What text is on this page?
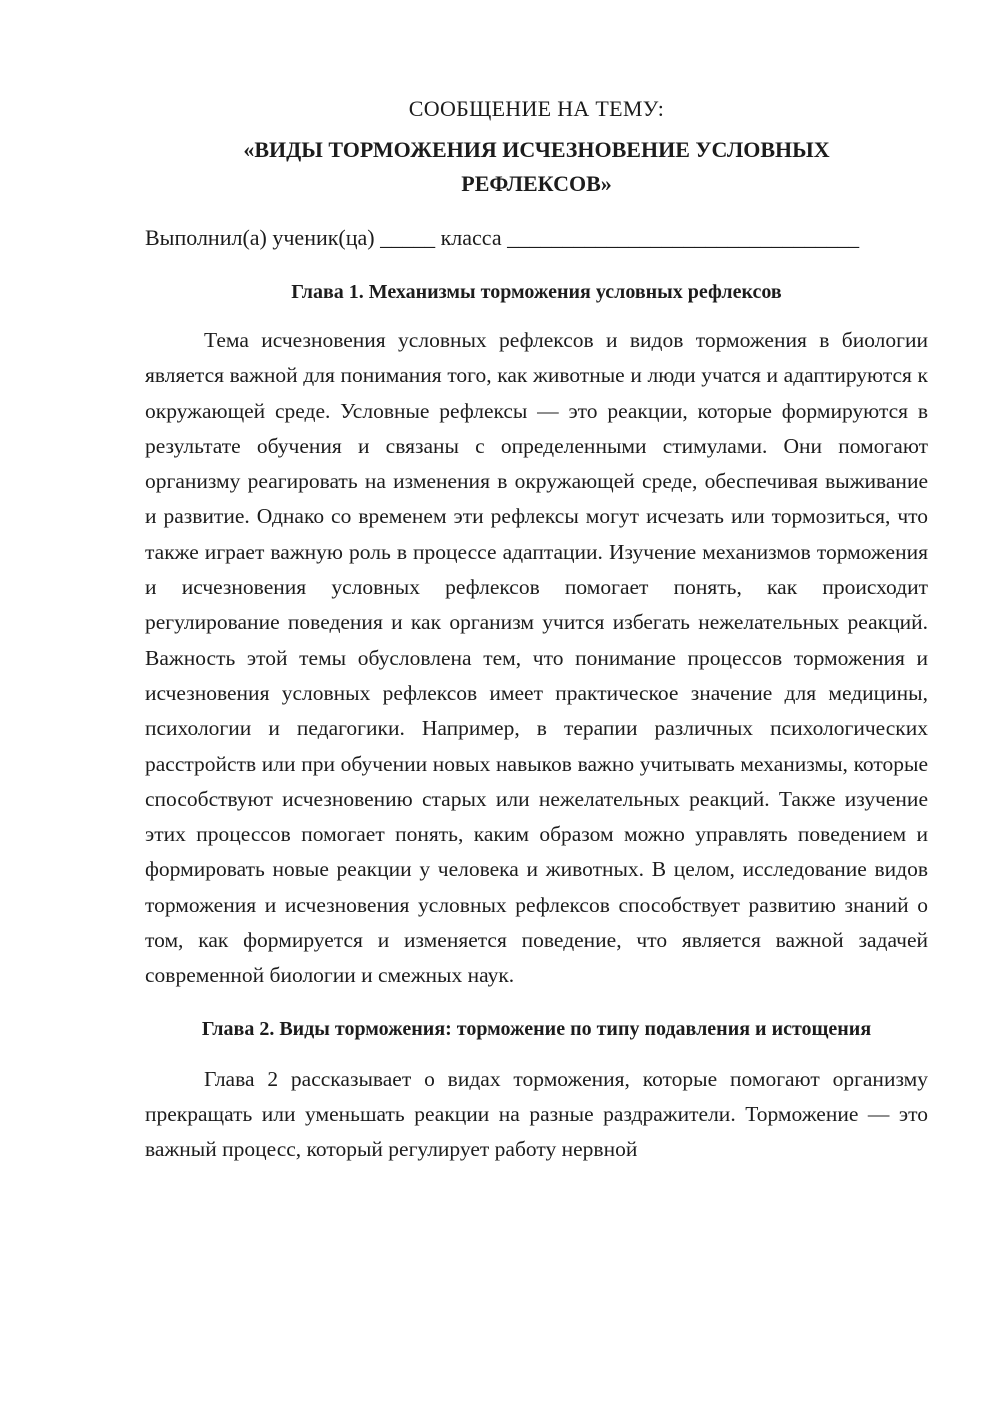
СООБЩЕНИЕ НА ТЕМУ:

«ВИДЫ ТОРМОЖЕНИЯ ИСЧЕЗНОВЕНИЕ УСЛОВНЫХ
РЕФЛЕКСОВ»
Выполнил(а) ученик(ца) _____ класса ________________________________
Глава 1. Механизмы торможения условных рефлексов

Тема исчезновения условных рефлексов и видов торможения в биологии является важной для понимания того, как животные и люди учатся и адаптируются к окружающей среде. Условные рефлексы — это реакции, которые формируются в результате обучения и связаны с определенными стимулами. Они помогают организму реагировать на изменения в окружающей среде, обеспечивая выживание и развитие. Однако со временем эти рефлексы могут исчезать или тормозиться, что также играет важную роль в процессе адаптации. Изучение механизмов торможения и исчезновения условных рефлексов помогает понять, как происходит регулирование поведения и как организм учится избегать нежелательных реакций. Важность этой темы обусловлена тем, что понимание процессов торможения и исчезновения условных рефлексов имеет практическое значение для медицины, психологии и педагогики. Например, в терапии различных психологических расстройств или при обучении новых навыков важно учитывать механизмы, которые способствуют исчезновению старых или нежелательных реакций. Также изучение этих процессов помогает понять, каким образом можно управлять поведением и формировать новые реакции у человека и животных. В целом, исследование видов торможения и исчезновения условных рефлексов способствует развитию знаний о том, как формируется и изменяется поведение, что является важной задачей современной биологии и смежных наук.

Глава 2. Виды торможения: торможение по типу подавления и истощения

Глава 2 рассказывает о видах торможения, которые помогают организму прекращать или уменьшать реакции на разные раздражители. Торможение — это важный процесс, который регулирует работу нервной
